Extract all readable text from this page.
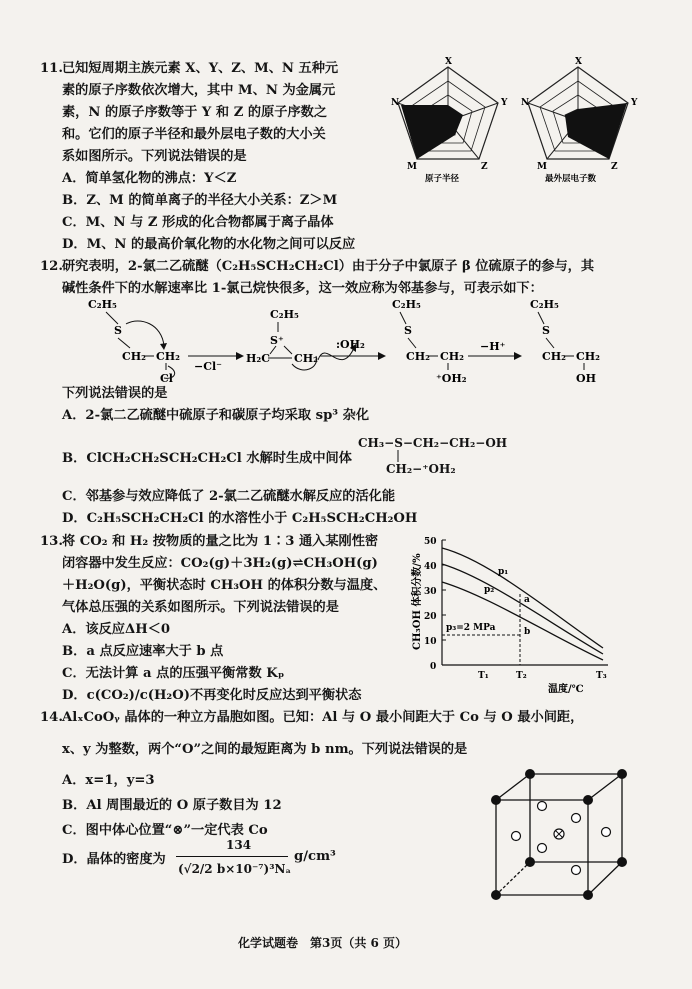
11. 已知短周期主族元素 X、Y、Z、M、N 五种元
素的原子序数依次增大，其中 M、N 为金属元
素，N 的原子序数等于 Y 和 Z 的原子序数之
和。它们的原子半径和最外层电子数的大小关
系如图所示。下列说法错误的是
A．简单氢化物的沸点：Y＜Z
B．Z、M 的简单离子的半径大小关系：Z＞M
C．M、N 与 Z 形成的化合物都属于离子晶体
D．M、N 的最高价氧化物的水化物之间可以反应
X
Y
Z
M
N
原子半径
X
Y
Z
M
N
最外层电子数
12. 研究表明，2-氯二乙硫醚（C₂H₅SCH₂CH₂Cl）由于分子中氯原子 β 位硫原子的参与，其
碱性条件下的水解速率比 1-氯己烷快很多，这一效应称为邻基参与，可表示如下：
C₂H₅
S
CH₂ CH₂
Cl
−Cl⁻
C₂H₅
S⁺
H₂C CH₂
:OH₂
C₂H₅
S
CH₂ CH₂
⁺OH₂
−H⁺
C₂H₅
S
CH₂ CH₂
OH
下列说法错误的是
A．2-氯二乙硫醚中硫原子和碳原子均采取 sp³ 杂化
B．ClCH₂CH₂SCH₂CH₂Cl 水解时生成中间体
CH₃−S−CH₂−CH₂−OH
CH₂−⁺OH₂
C．邻基参与效应降低了 2-氯二乙硫醚水解反应的活化能
D．C₂H₅SCH₂CH₂Cl 的水溶性小于 C₂H₅SCH₂CH₂OH
13. 将 CO₂ 和 H₂ 按物质的量之比为 1∶3 通入某刚性密
闭容器中发生反应：CO₂(g)＋3H₂(g)⇌CH₃OH(g)
＋H₂O(g)，平衡状态时 CH₃OH 的体积分数与温度、
气体总压强的关系如图所示。下列说法错误的是
A．该反应ΔH＜0
B．a 点反应速率大于 b 点
C．无法计算 a 点的压强平衡常数 Kₚ
D．c(CO₂)/c(H₂O)不再变化时反应达到平衡状态
CH₃OH 体积分数/%
0
10
20
30
40
50
p₁
p₂
p₃=2 MPa
a
b
T₁	T₂	T₃
温度/℃
14. AlₓCoOᵧ 晶体的一种立方晶胞如图。已知：Al 与 O 最小间距大于 Co 与 O 最小间距，
x、y 为整数，两个“O”之间的最短距离为 b nm。下列说法错误的是
A．x=1，y=3
B．Al 周围最近的 O 原子数目为 12
C．图中体心位置“⊗”一定代表 Co
D．晶体的密度为
134
(√2/2 b×10⁻⁷)³Nₐ
g/cm³
化学试题卷　第3页（共 6 页）
